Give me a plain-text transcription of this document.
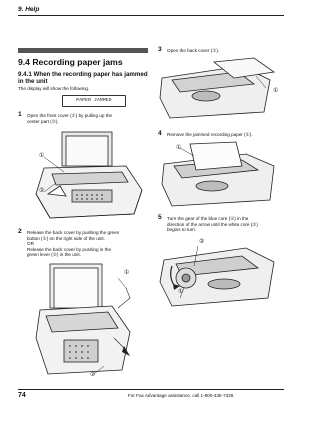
9. Help
9.4 Recording paper jams
9.4.1 When the recording paper has jammed in the unit
The display will show the following.
PAPER JAMMED
1 Open the front cover (①) by pulling up the
center part (②).
①
②
2 Release the back cover by pushing the green
button (①) on the right side of the unit.
OR
Release the back cover by pushing in the
green lever (②) in the unit.
①
②
3 Open the back cover (①).
①
4 Remove the jammed recording paper (①).
①
5 Turn the gear of the blue core (①) in the
direction of the arrow until the white core (②)
begins to turn.
②
①
74	For Fax Advantage assistance, call 1-800-435-7329.
